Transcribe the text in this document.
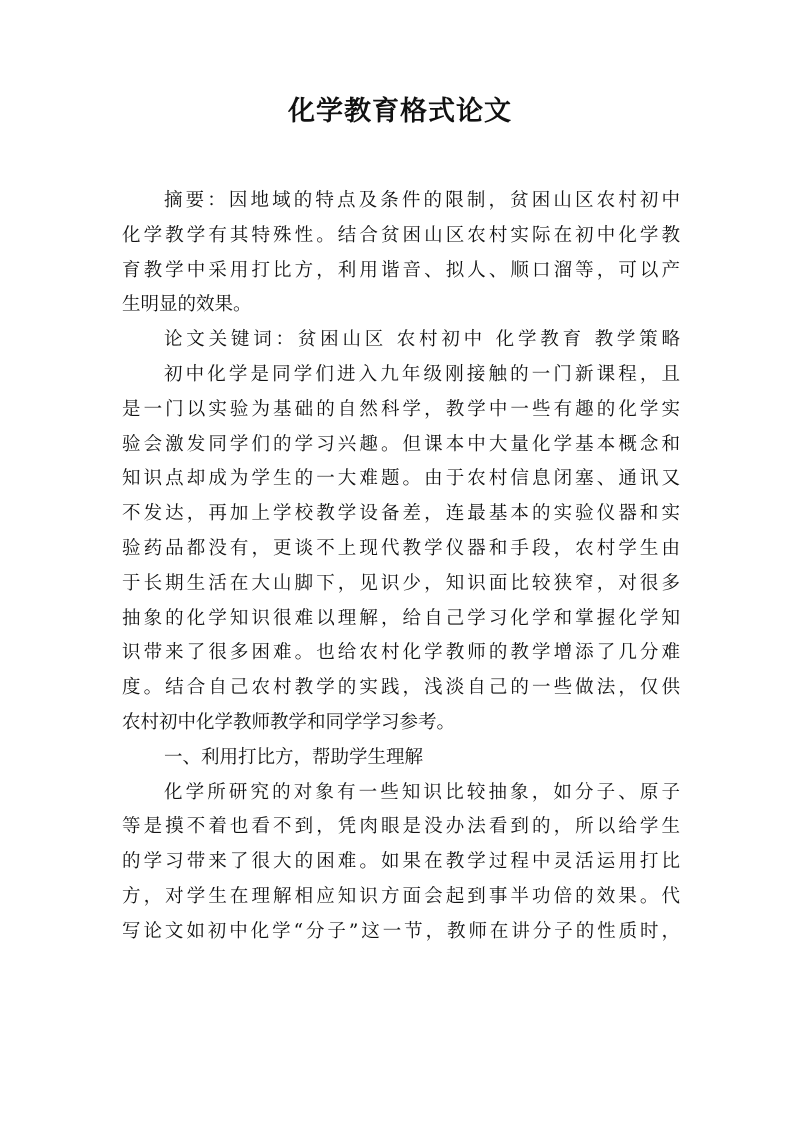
化学教育格式论文
摘要：因地域的特点及条件的限制，贫困山区农村初中
化学教学有其特殊性。结合贫困山区农村实际在初中化学教
育教学中采用打比方，利用谐音、拟人、顺口溜等，可以产
生明显的效果。
论文关键词：贫困山区 农村初中 化学教育 教学策略
初中化学是同学们进入九年级刚接触的一门新课程，且
是一门以实验为基础的自然科学，教学中一些有趣的化学实
验会激发同学们的学习兴趣。但课本中大量化学基本概念和
知识点却成为学生的一大难题。由于农村信息闭塞、通讯又
不发达，再加上学校教学设备差，连最基本的实验仪器和实
验药品都没有，更谈不上现代教学仪器和手段，农村学生由
于长期生活在大山脚下，见识少，知识面比较狭窄，对很多
抽象的化学知识很难以理解，给自己学习化学和掌握化学知
识带来了很多困难。也给农村化学教师的教学增添了几分难
度。结合自己农村教学的实践，浅淡自己的一些做法，仅供
农村初中化学教师教学和同学学习参考。
一、利用打比方，帮助学生理解
化学所研究的对象有一些知识比较抽象，如分子、原子
等是摸不着也看不到，凭肉眼是没办法看到的，所以给学生
的学习带来了很大的困难。如果在教学过程中灵活运用打比
方，对学生在理解相应知识方面会起到事半功倍的效果。代
写论文如初中化学“分子”这一节，教师在讲分子的性质时，
